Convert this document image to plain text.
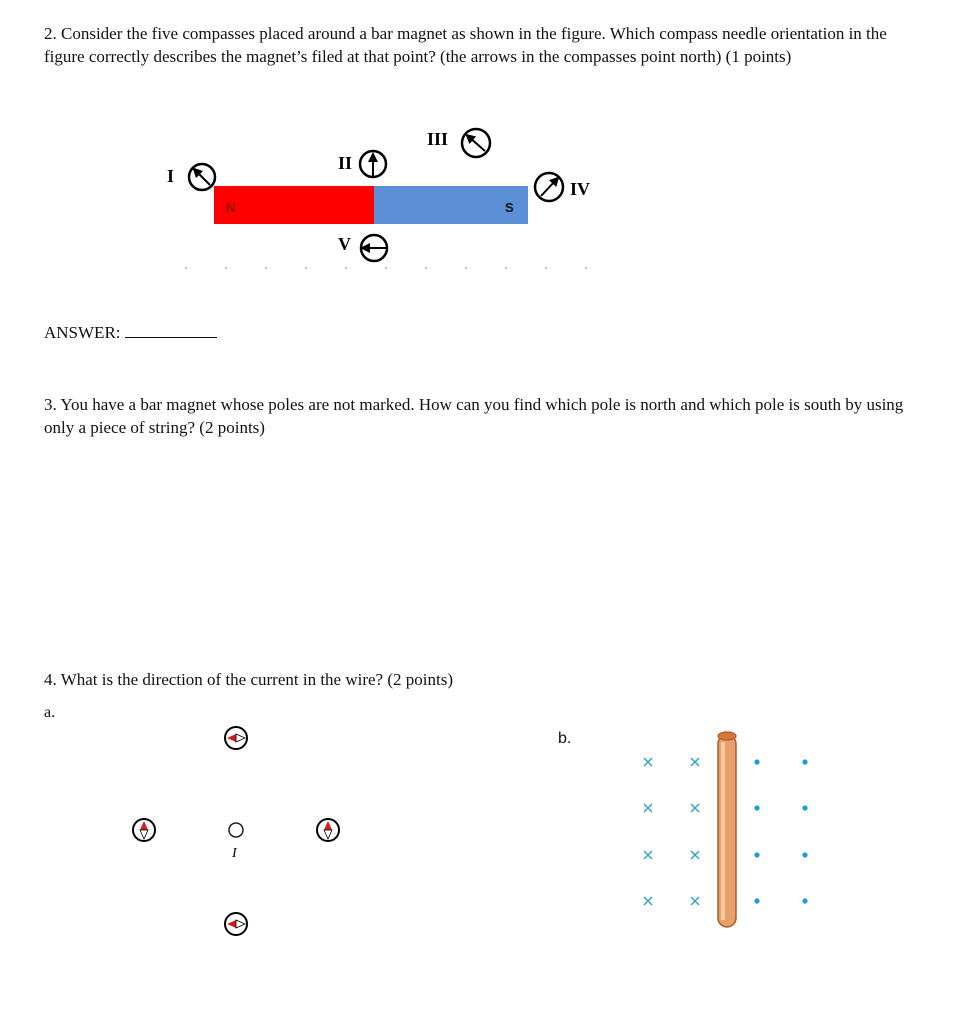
2. Consider the five compasses placed around a bar magnet as shown in the figure. Which compass needle orientation in the figure correctly describes the magnet’s filed at that point? (the arrows in the compasses point north) (1 points)
N	S
I
II
III
IV
V
I
ANSWER:
3. You have a bar magnet whose poles are not marked. How can you find which pole is north and which pole is south by using only a piece of string? (2 points)
4. What is the direction of the current in the wire? (2 points)
a.
b.
